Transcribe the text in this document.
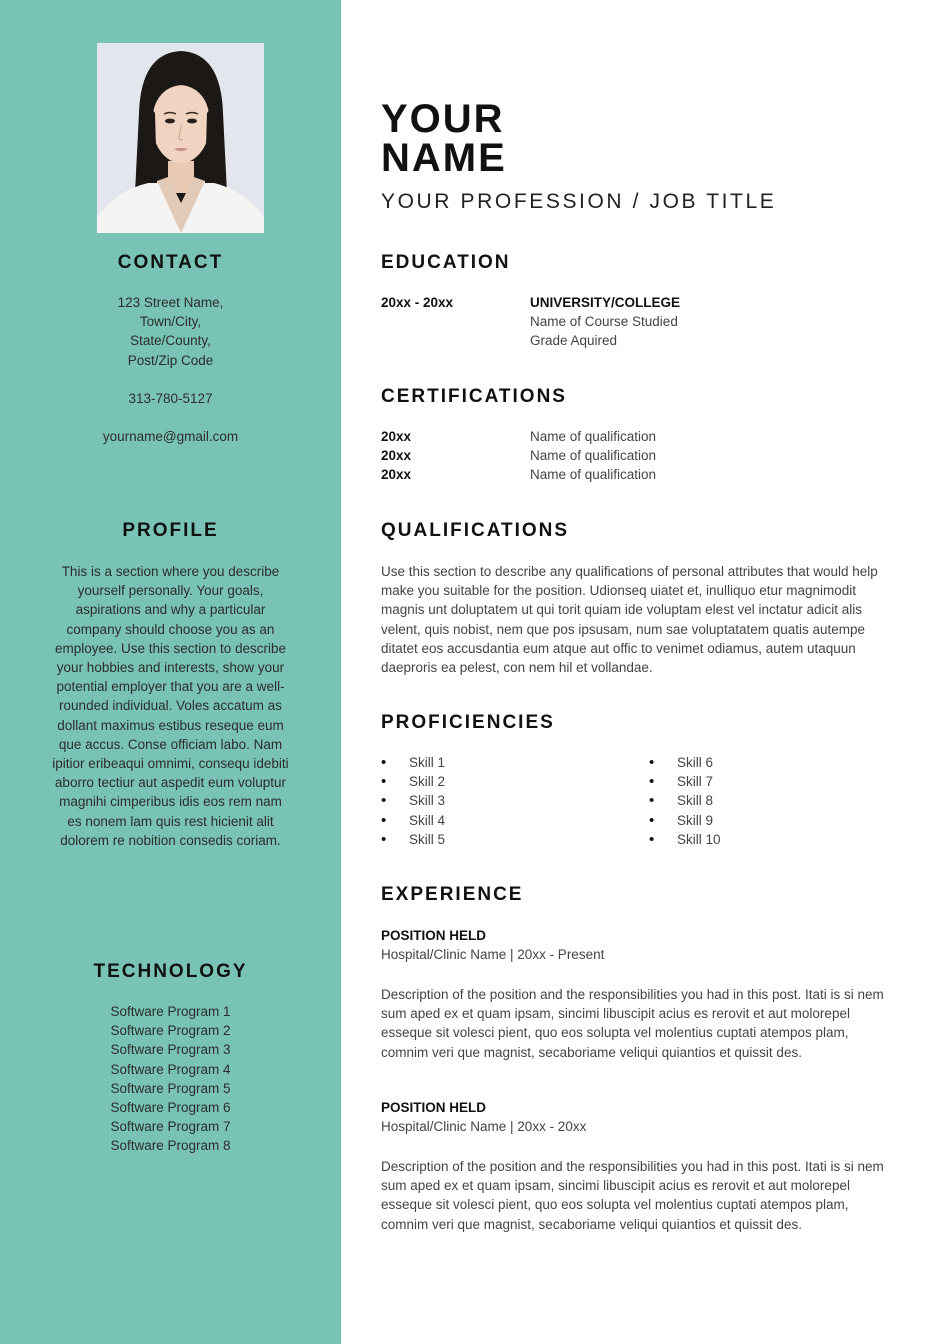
CONTACT
123 Street Name,
Town/City,
State/County,
Post/Zip Code
313-780-5127
yourname@gmail.com
PROFILE
This is a section where you describe yourself personally. Your goals, aspirations and why a particular company should choose you as an employee. Use this section to describe your hobbies and interests, show your potential employer that you are a well-rounded individual. Voles accatum as dollant maximus estibus reseque eum que accus. Conse officiam labo. Nam ipitior eribeaqui omnimi, consequ idebiti aborro tectiur aut aspedit eum voluptur magnihi cimperibus idis eos rem nam es nonem lam quis rest hicienit alit dolorem re nobition consedis coriam.
TECHNOLOGY
Software Program 1
Software Program 2
Software Program 3
Software Program 4
Software Program 5
Software Program 6
Software Program 7
Software Program 8
YOUR
NAME
YOUR PROFESSION / JOB TITLE
EDUCATION
20xx - 20xx	UNIVERSITY/COLLEGE
Name of Course Studied
Grade Aquired
CERTIFICATIONS
20xx	Name of qualification
20xx	Name of qualification
20xx	Name of qualification
QUALIFICATIONS
Use this section to describe any qualifications of personal attributes that would help make you suitable for the position. Udionseq uiatet et, inulliquo etur magnimodit magnis unt doluptatem ut qui torit quiam ide voluptam elest vel inctatur adicit alis velent, quis nobist, nem que pos ipsusam, num sae voluptatatem quatis autempe ditatet eos accusdantia eum atque aut offic to venimet odiamus, autem utaquun daeproris ea pelest, con nem hil et vollandae.
PROFICIENCIES
• Skill 1
• Skill 2
• Skill 3
• Skill 4
• Skill 5
• Skill 6
• Skill 7
• Skill 8
• Skill 9
• Skill 10
EXPERIENCE
POSITION HELD
Hospital/Clinic Name | 20xx - Present
Description of the position and the responsibilities you had in this post. Itati is si nem sum aped ex et quam ipsam, sincimi libuscipit acius es rerovit et aut molorepel esseque sit volesci pient, quo eos solupta vel molentius cuptati atempos plam, comnim veri que magnist, secaboriame veliqui quiantios et quissit des.
POSITION HELD
Hospital/Clinic Name | 20xx - 20xx
Description of the position and the responsibilities you had in this post. Itati is si nem sum aped ex et quam ipsam, sincimi libuscipit acius es rerovit et aut molorepel esseque sit volesci pient, quo eos solupta vel molentius cuptati atempos plam, comnim veri que magnist, secaboriame veliqui quiantios et quissit des.
